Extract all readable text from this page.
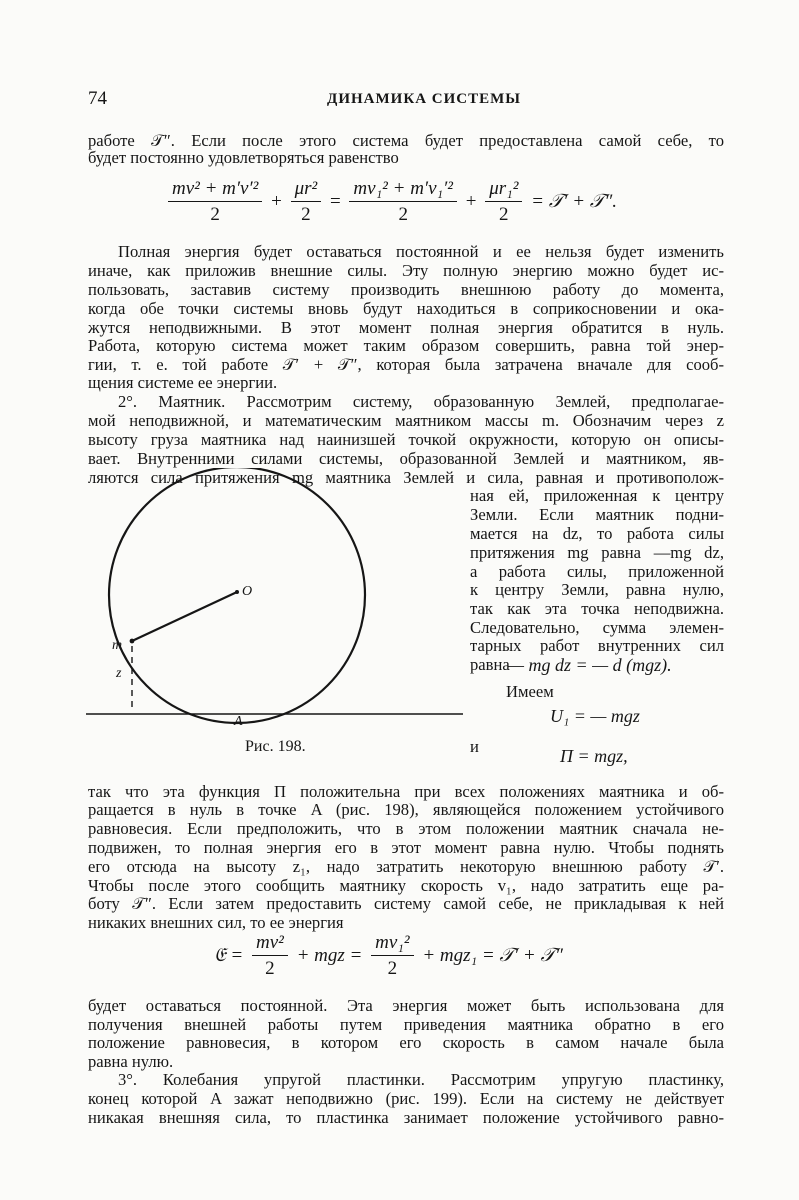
74	ДИНАМИКА СИСТЕМЫ
работе 𝒯″. Если после этого система будет предоставлена самой себе, то
будет постоянно удовлетворяться равенство
$\frac{\text{mv² + m′v′²}}{2} + \frac{\text{μr²}}{2} = \frac{\text{mv₁² + m′v₁′²}}{2} + \frac{\text{μr₁²}}{2}$ = 𝒯′ + 𝒯″.
Полная энергия будет оставаться постоянной и ее нельзя будет изменить
иначе, как приложив внешние силы. Эту полную энергию можно будет ис-
пользовать, заставив систему производить внешнюю работу до момента,
когда обе точки системы вновь будут находиться в соприкосновении и ока-
жутся неподвижными. В этот момент полная энергия обратится в нуль.
Работа, которую система может таким образом совершить, равна той энер-
гии, т. е. той работе 𝒯′ + 𝒯″, которая была затрачена вначале для сооб-
щения системе ее энергии.
2°. Маятник. Рассмотрим систему, образованную Землей, предполагае-
мой неподвижной, и математическим маятником массы m. Обозначим через z
высоту груза маятника над наинизшей точкой окружности, которую он описы-
вает. Внутренними силами системы, образованной Землей и маятником, яв-
ляются сила притяжения mg маятника Землей и сила, равная и противополож-
ная ей, приложенная к центру
Земли. Если маятник подни-
мается на dz, то работа силы
притяжения mg равна —mg dz,
а работа силы, приложенной
к центру Земли, равна нулю,
так как эта точка неподвижна.
Следовательно, сумма элемен-
тарных работ внутренних сил
равна
— mg dz = — d (mgz).
Имеем
U₁ = — mgz
и	Π = mgz,
O
m
z
A
Рис. 198.
так что эта функция Π положительна при всех положениях маятника и об-
ращается в нуль в точке A (рис. 198), являющейся положением устойчивого
равновесия. Если предположить, что в этом положении маятник сначала не-
подвижен, то полная энергия его в этот момент равна нулю. Чтобы поднять
его отсюда на высоту z₁, надо затратить некоторую внешнюю работу 𝒯′.
Чтобы после этого сообщить маятнику скорость v₁, надо затратить еще ра-
боту 𝒯″. Если затем предоставить систему самой себе, не прикладывая к ней
никаких внешних сил, то ее энергия
𝔈 = $\frac{\text{mv²}}{2}$ + mgz = $\frac{\text{mv₁²}}{2} + mgz_1$ = 𝒯′ + 𝒯″
будет оставаться постоянной. Эта энергия может быть использована для
получения внешней работы путем приведения маятника обратно в его
положение равновесия, в котором его скорость в самом начале была
равна нулю.
3°. Колебания упругой пластинки. Рассмотрим упругую пластинку,
конец которой A зажат неподвижно (рис. 199). Если на систему не действует
никакая внешняя сила, то пластинка занимает положение устойчивого равно-
